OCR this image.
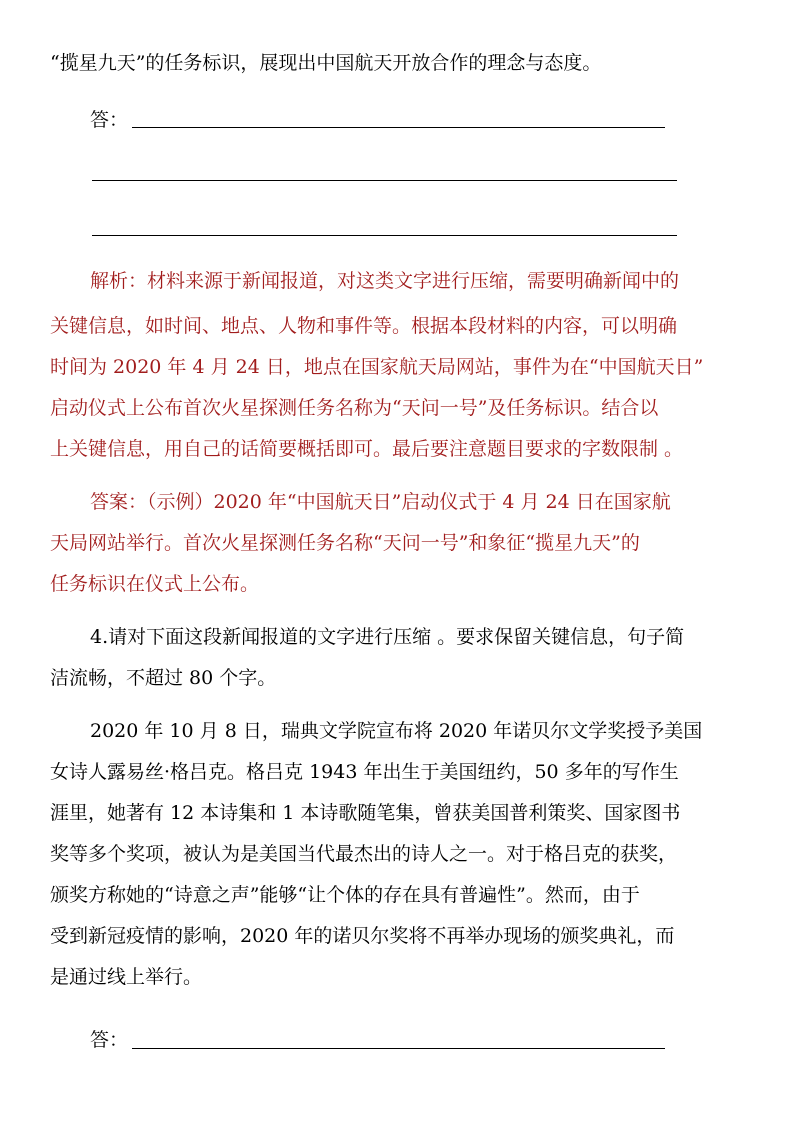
“揽星九天”的任务标识，展现出中国航天开放合作的理念与态度。
答：
解析：材料来源于新闻报道，对这类文字进行压缩，需要明确新闻中的
关键信息，如时间、地点、人物和事件等。根据本段材料的内容，可以明确
时间为 2020 年 4 月 24 日，地点在国家航天局网站，事件为在“中国航天日”
启动仪式上公布首次火星探测任务名称为“天问一号”及任务标识。结合以
上关键信息，用自己的话简要概括即可。最后要注意题目要求的字数限制 。
答案：（示例）2020 年“中国航天日”启动仪式于 4 月 24 日在国家航
天局网站举行。首次火星探测任务名称“天问一号”和象征“揽星九天”的
任务标识在仪式上公布。
4.请对下面这段新闻报道的文字进行压缩 。要求保留关键信息，句子简
洁流畅，不超过 80 个字。
2020 年 10 月 8 日，瑞典文学院宣布将 2020 年诺贝尔文学奖授予美国
女诗人露易丝·格吕克。格吕克 1943 年出生于美国纽约，50 多年的写作生
涯里，她著有 12 本诗集和 1 本诗歌随笔集，曾获美国普利策奖、国家图书
奖等多个奖项，被认为是美国当代最杰出的诗人之一。对于格吕克的获奖，
颁奖方称她的“诗意之声”能够“让个体的存在具有普遍性”。然而，由于
受到新冠疫情的影响，2020 年的诺贝尔奖将不再举办现场的颁奖典礼，而
是通过线上举行。
答：
